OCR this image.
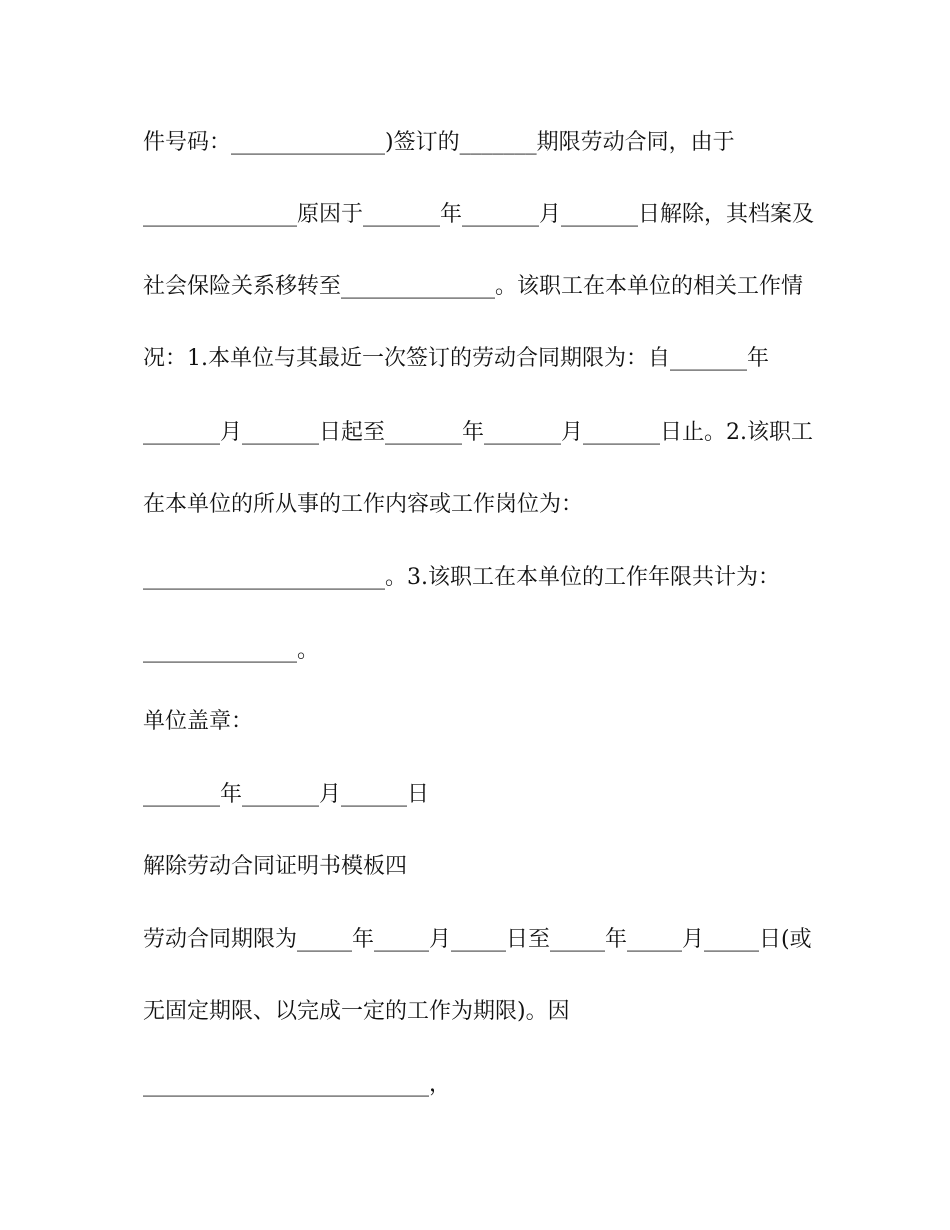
件号码：______________)签订的_______期限劳动合同，由于
______________原因于_______年_______月_______日解除，其档案及
社会保险关系移转至______________。该职工在本单位的相关工作情
况：1.本单位与其最近一次签订的劳动合同期限为：自_______年
_______月_______日起至_______年_______月_______日止。2.该职工
在本单位的所从事的工作内容或工作岗位为：
______________________。3.该职工在本单位的工作年限共计为：
______________。
单位盖章：
_______年_______月______日
解除劳动合同证明书模板四
劳动合同期限为_____年_____月_____日至_____年_____月_____日(或
无固定期限、以完成一定的工作为期限)。因
__________________________，
